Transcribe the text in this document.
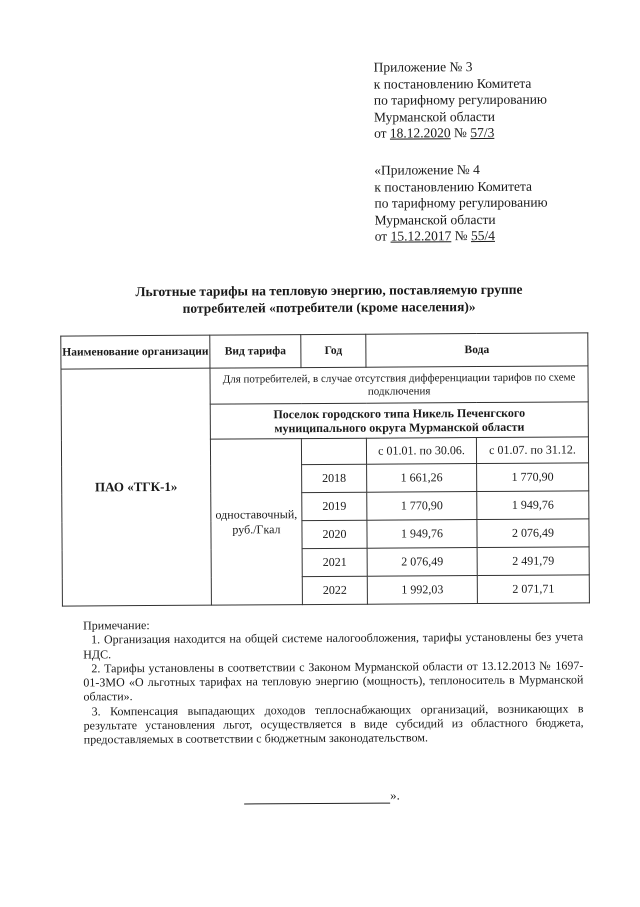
Приложение № 3
к постановлению Комитета
по тарифному регулированию
Мурманской области
от 18.12.2020 № 57/3
«Приложение № 4
к постановлению Комитета
по тарифному регулированию
Мурманской области
от 15.12.2017 № 55/4
Льготные тарифы на тепловую энергию, поставляемую группе
потребителей «потребители (кроме населения)»
Наименование организации	Вид тарифа	Год	Вода	
ПАО «ТГК-1»	Для потребителей, в случае отсутствия дифференциации тарифов по схеме подключения			
	Поселок городского типа Никель Печенгского муниципального округа Мурманской области			
	одноставочный, руб./Гкал		с 01.01. по 30.06.	с 01.07. по 31.12.
		2018	1 661,26	1 770,90
		2019	1 770,90	1 949,76
		2020	1 949,76	2 076,49
		2021	2 076,49	2 491,79
		2022	1 992,03	2 071,71

Примечание:

1. Организация находится на общей системе налогообложения, тарифы установлены без учета НДС.

2. Тарифы установлены в соответствии с Законом Мурманской области от 13.12.2013 № 1697-01-ЗМО «О льготных тарифах на тепловую энергию (мощность), теплоноситель в Мурманской области».

3. Компенсация выпадающих доходов теплоснабжающих организаций, возникающих в результате установления льгот, осуществляется в виде субсидий из областного бюджета, предоставляемых в соответствии с бюджетным законодательством.

».
